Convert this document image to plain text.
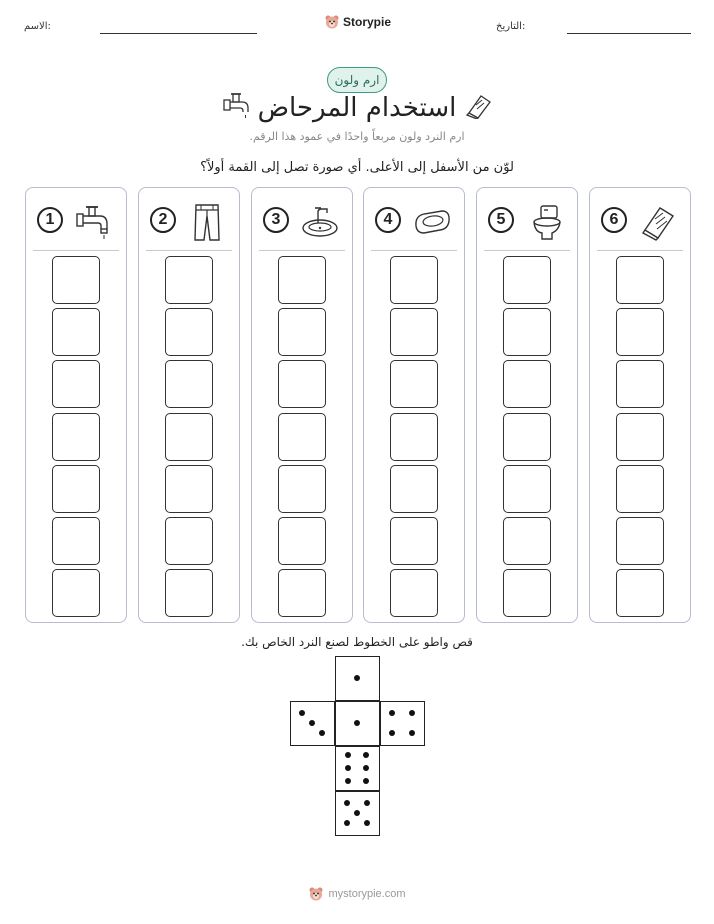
الاسم:	Storypie	التاريخ:
ارم ولون
استخدام المرحاض
ارم النرد ولون مربعاً واحدًا في عمود هذا الرقم.
لوّن من الأسفل إلى الأعلى. أي صورة تصل إلى القمة أولاً؟
1	2	3	4	5	6
قص واطو على الخطوط لصنع النرد الخاص بك.
mystorypie.com
